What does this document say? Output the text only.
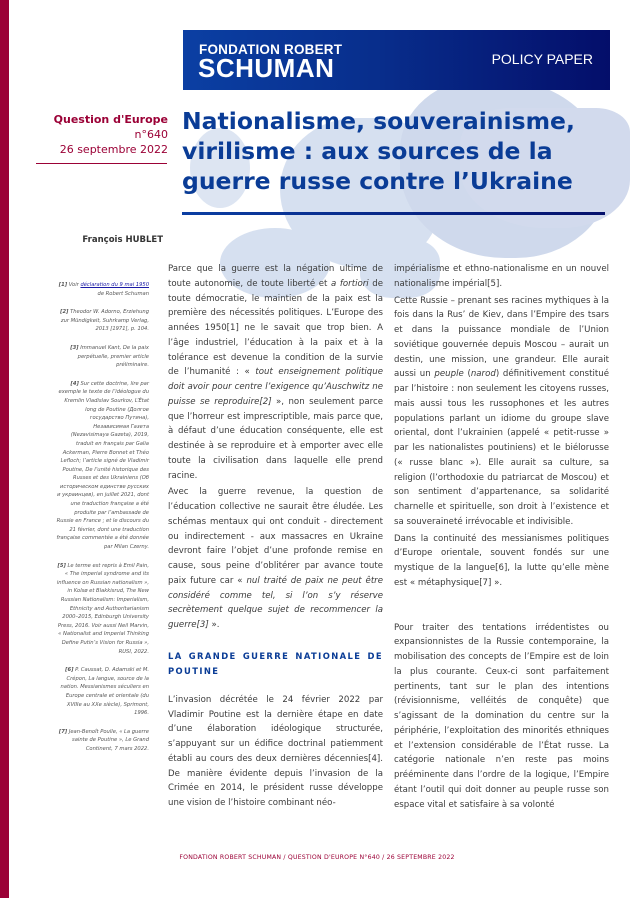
FONDATION ROBERT
SCHUMAN	POLICY PAPER
Question d'Europe
n°640
26 septembre 2022
Nationalisme, souverainisme, virilisme : aux sources de la guerre russe contre l’Ukraine
François HUBLET
[1] Voir déclaration du 9 mai 1950 de Robert Schuman
[2] Theodor W. Adorno, Erziehung zur Mündigkeit, Suhrkamp Verlag, 2013 [1971], p. 104.
[3] Immanuel Kant, De la paix perpétuelle, premier article préliminaire.
[4] Sur cette doctrine, lire par exemple le texte de l’idéologue du Kremlin Vladislav Sourkov, L’État long de Poutine (Долгое государство Путина), Независимая Газета (Nezavisimaya Gazeta), 2019, traduit en français par Galia Ackerman, Pierre Bonnet et Théo Lefloch; l’article signé de Vladimir Poutine, De l’unité historique des Russes et des Ukrainiens (Об историческом единстве русских и украинцев), en juillet 2021, dont une traduction française a été produite par l’ambassade de Russie en France ; et le discours du 21 février, dont une traduction française commentée a été donnée par Milan Czerny.
[5] Le terme est repris à Emil Pain, « The imperial syndrome and its influence on Russian nationalism », in Kolsø et Blakkisrud, The New Russian Nationalism: Imperialism, Ethnicity and Authoritarianism 2000–2015, Edinburgh University Press, 2016. Voir aussi Neil Marvin, « Nationalist and Imperial Thinking Define Putin’s Vision for Russia », RUSI, 2022.
[6] P. Caussat, D. Adamski et M. Crépon, La langue, source de la nation. Messianismes séculiers en Europe centrale et orientale (du XVIIIe au XXe siècle), Sprimont, 1996.
[7] Jean-Benoît Poulle, « La guerre sainte de Poutine », Le Grand Continent, 7 mars 2022.

Parce que la guerre est la négation ultime de toute autonomie, de toute liberté et a fortiori de toute démocratie, le maintien de la paix est la première des nécessités politiques. L’Europe des années 1950[1] ne le savait que trop bien. A l’âge industriel, l’éducation à la paix et à la tolérance est devenue la condition de la survie de l’humanité : « tout enseignement politique doit avoir pour centre l’exigence qu’Auschwitz ne puisse se reproduire[2] », non seulement parce que l’horreur est imprescriptible, mais parce que, à défaut d’une éducation conséquente, elle est destinée à se reproduire et à emporter avec elle toute la civilisation dans laquelle elle prend racine.

Avec la guerre revenue, la question de l’éducation collective ne saurait être éludée. Les schémas mentaux qui ont conduit - directement ou indirectement - aux massacres en Ukraine devront faire l’objet d’une profonde remise en cause, sous peine d’oblitérer par avance toute paix future car « nul traité de paix ne peut être considéré comme tel, si l’on s’y réserve secrètement quelque sujet de recommencer la guerre[3] ».

LA GRANDE GUERRE NATIONALE DE POUTINE

L’invasion décrétée le 24 février 2022 par Vladimir Poutine est la dernière étape en date d’une élaboration idéologique structurée, s’appuyant sur un édifice doctrinal patiemment établi au cours des deux dernières décennies[4]. De manière évidente depuis l’invasion de la Crimée en 2014, le président russe développe une vision de l’histoire combinant néo-

impérialisme et ethno-nationalisme en un nouvel nationalisme impérial[5].

Cette Russie – prenant ses racines mythiques à la fois dans la Rus’ de Kiev, dans l’Empire des tsars et dans la puissance mondiale de l’Union soviétique gouvernée depuis Moscou – aurait un destin, une mission, une grandeur. Elle aurait aussi un peuple (narod) définitivement constitué par l’histoire : non seulement les citoyens russes, mais aussi tous les russophones et les autres populations parlant un idiome du groupe slave oriental, dont l’ukrainien (appelé « petit-russe » par les nationalistes poutiniens) et le biélorusse (« russe blanc »). Elle aurait sa culture, sa religion (l’orthodoxie du patriarcat de Moscou) et son sentiment d’appartenance, sa solidarité charnelle et spirituelle, son droit à l’existence et sa souveraineté irrévocable et indivisible.

Dans la continuité des messianismes politiques d’Europe orientale, souvent fondés sur une mystique de la langue[6], la lutte qu’elle mène est « métaphysique[7] ».

Pour traiter des tentations irrédentistes ou expansionnistes de la Russie contemporaine, la mobilisation des concepts de l’Empire est de loin la plus courante. Ceux-ci sont parfaitement pertinents, tant sur le plan des intentions (révisionnisme, velléités de conquête) que s’agissant de la domination du centre sur la périphérie, l’exploitation des minorités ethniques et l’extension considérable de l’État russe. La catégorie nationale n’en reste pas moins prééminente dans l’ordre de la logique, l’Empire étant l’outil qui doit donner au peuple russe son espace vital et satisfaire à sa volonté

FONDATION ROBERT SCHUMAN / QUESTION D'EUROPE N°640 / 26 SEPTEMBRE 2022
